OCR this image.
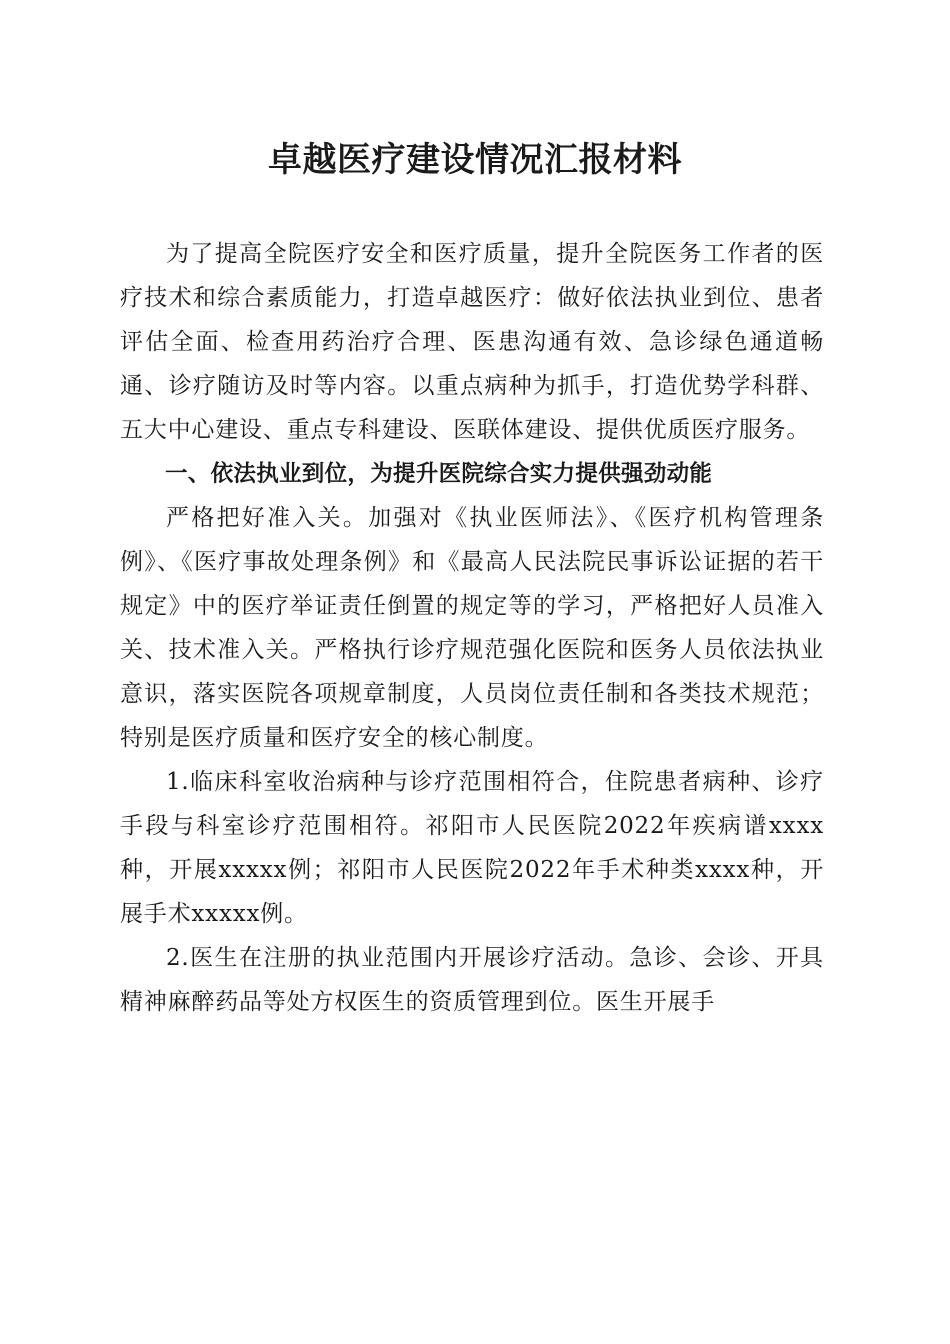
卓越医疗建设情况汇报材料

为了提高全院医疗安全和医疗质量，提升全院医务工作者的医疗技术和综合素质能力，打造卓越医疗：做好依法执业到位、患者评估全面、检查用药治疗合理、医患沟通有效、急诊绿色通道畅通、诊疗随访及时等内容。以重点病种为抓手，打造优势学科群、五大中心建设、重点专科建设、医联体建设、提供优质医疗服务。

一、依法执业到位，为提升医院综合实力提供强劲动能

严格把好准入关。加强对《执业医师法》、《医疗机构管理条例》、《医疗事故处理条例》和《最高人民法院民事诉讼证据的若干规定》中的医疗举证责任倒置的规定等的学习，严格把好人员准入关、技术准入关。严格执行诊疗规范强化医院和医务人员依法执业意识，落实医院各项规章制度，人员岗位责任制和各类技术规范；特别是医疗质量和医疗安全的核心制度。

1.临床科室收治病种与诊疗范围相符合，住院患者病种、诊疗手段与科室诊疗范围相符。祁阳市人民医院2022年疾病谱xxxx种，开展xxxxx例；祁阳市人民医院2022年手术种类xxxx种，开展手术xxxxx例。

2.医生在注册的执业范围内开展诊疗活动。急诊、会诊、开具精神麻醉药品等处方权医生的资质管理到位。医生开展手
